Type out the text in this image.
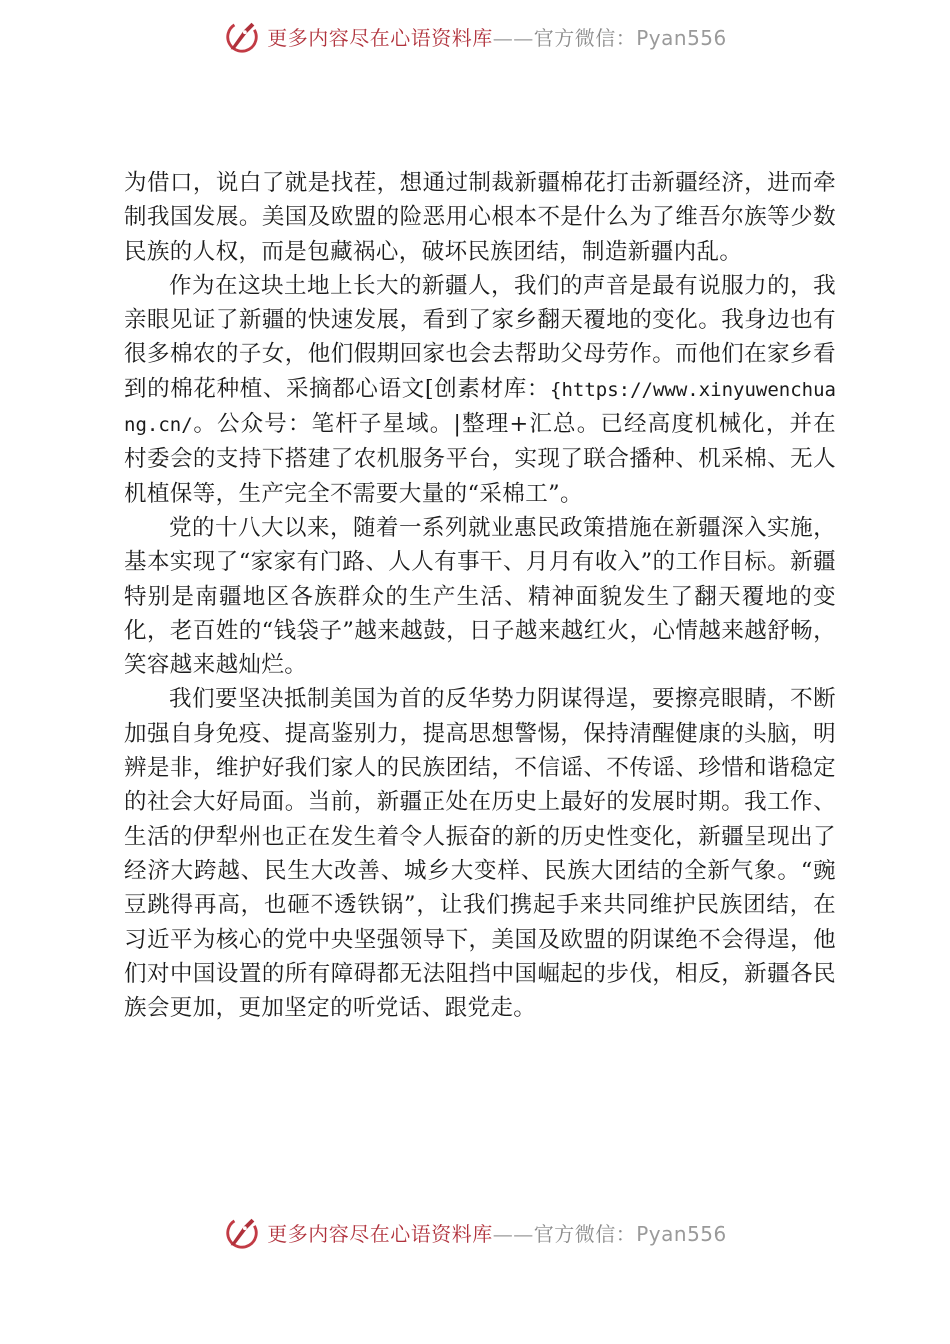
更多内容尽在心语资料库——官方微信：Pyan556

为借口，说白了就是找茬，想通过制裁新疆棉花打击新疆经济，进而牵制我国发展。美国及欧盟的险恶用心根本不是什么为了维吾尔族等少数民族的人权，而是包藏祸心，破坏民族团结，制造新疆内乱。

作为在这块土地上长大的新疆人，我们的声音是最有说服力的，我亲眼见证了新疆的快速发展，看到了家乡翻天覆地的变化。我身边也有很多棉农的子女，他们假期回家也会去帮助父母劳作。而他们在家乡看到的棉花种植、采摘都心语文[创素材库：{https://www.xinyuwenchuang.cn/。公众号：笔杆子星域。|整理+汇总。已经高度机械化，并在村委会的支持下搭建了农机服务平台，实现了联合播种、机采棉、无人机植保等，生产完全不需要大量的“采棉工”。

党的十八大以来，随着一系列就业惠民政策措施在新疆深入实施，基本实现了“家家有门路、人人有事干、月月有收入”的工作目标。新疆特别是南疆地区各族群众的生产生活、精神面貌发生了翻天覆地的变化，老百姓的“钱袋子”越来越鼓，日子越来越红火，心情越来越舒畅，笑容越来越灿烂。

我们要坚决抵制美国为首的反华势力阴谋得逞，要擦亮眼睛，不断加强自身免疫、提高鉴别力，提高思想警惕，保持清醒健康的头脑，明辨是非，维护好我们家人的民族团结，不信谣、不传谣、珍惜和谐稳定的社会大好局面。当前，新疆正处在历史上最好的发展时期。我工作、生活的伊犁州也正在发生着令人振奋的新的历史性变化，新疆呈现出了经济大跨越、民生大改善、城乡大变样、民族大团结的全新气象。“豌豆跳得再高，也砸不透铁锅”，让我们携起手来共同维护民族团结，在习近平为核心的党中央坚强领导下，美国及欧盟的阴谋绝不会得逞，他们对中国设置的所有障碍都无法阻挡中国崛起的步伐，相反，新疆各民族会更加，更加坚定的听党话、跟党走。

更多内容尽在心语资料库——官方微信：Pyan556
